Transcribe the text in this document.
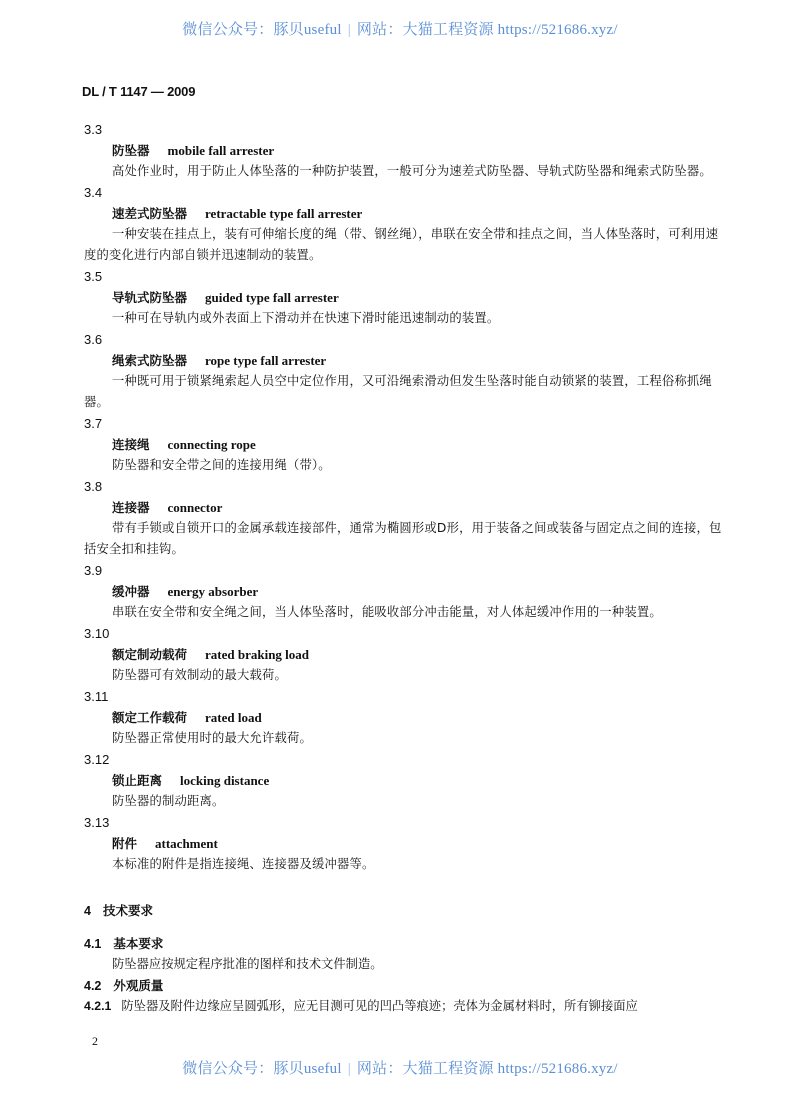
微信公众号：豚贝useful | 网站：大猫工程资源 https://521686.xyz/
DL / T 1147 — 2009
3.3
防坠器 mobile fall arrester
高处作业时，用于防止人体坠落的一种防护装置，一般可分为速差式防坠器、导轨式防坠器和绳索式防坠器。
3.4
速差式防坠器 retractable type fall arrester
一种安装在挂点上，装有可伸缩长度的绳（带、钢丝绳），串联在安全带和挂点之间，当人体坠落时，可利用速度的变化进行内部自锁并迅速制动的装置。
3.5
导轨式防坠器 guided type fall arrester
一种可在导轨内或外表面上下滑动并在快速下滑时能迅速制动的装置。
3.6
绳索式防坠器 rope type fall arrester
一种既可用于锁紧绳索起人员空中定位作用，又可沿绳索滑动但发生坠落时能自动锁紧的装置，工程俗称抓绳器。
3.7
连接绳 connecting rope
防坠器和安全带之间的连接用绳（带）。
3.8
连接器 connector
带有手锁或自锁开口的金属承载连接部件，通常为椭圆形或D形，用于装备之间或装备与固定点之间的连接，包括安全扣和挂钩。
3.9
缓冲器 energy absorber
串联在安全带和安全绳之间，当人体坠落时，能吸收部分冲击能量，对人体起缓冲作用的一种装置。
3.10
额定制动载荷 rated braking load
防坠器可有效制动的最大载荷。
3.11
额定工作载荷 rated load
防坠器正常使用时的最大允许载荷。
3.12
锁止距离 locking distance
防坠器的制动距离。
3.13
附件 attachment
本标准的附件是指连接绳、连接器及缓冲器等。
4 技术要求
4.1 基本要求
防坠器应按规定程序批准的图样和技术文件制造。
4.2 外观质量
4.2.1 防坠器及附件边缘应呈圆弧形，应无目测可见的凹凸等痕迹；壳体为金属材料时，所有铆接面应
2
微信公众号：豚贝useful | 网站：大猫工程资源 https://521686.xyz/
